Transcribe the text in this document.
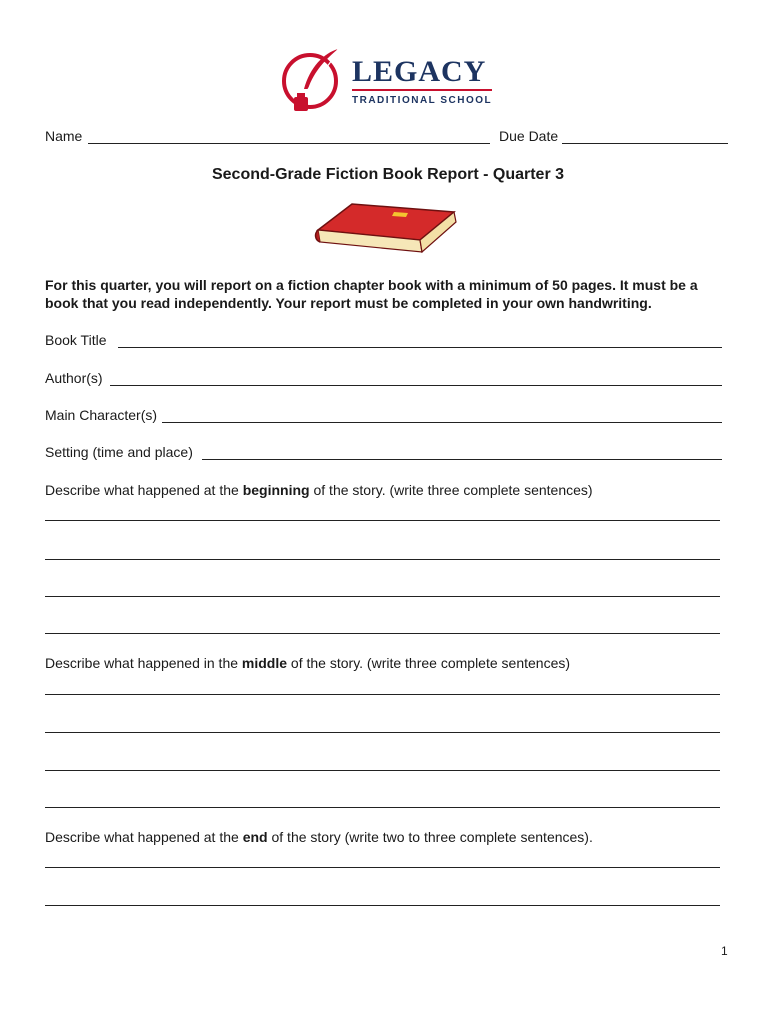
LEGACY
TRADITIONAL SCHOOL
Name	Due Date
Second-Grade Fiction Book Report - Quarter 3
For this quarter, you will report on a fiction chapter book with a minimum of 50 pages. It must be a book that you read independently. Your report must be completed in your own handwriting.
Book Title
Author(s)
Main Character(s)
Setting (time and place)
Describe what happened at the beginning of the story. (write three complete sentences)
Describe what happened in the middle of the story. (write three complete sentences)
Describe what happened at the end of the story (write two to three complete sentences).
1
